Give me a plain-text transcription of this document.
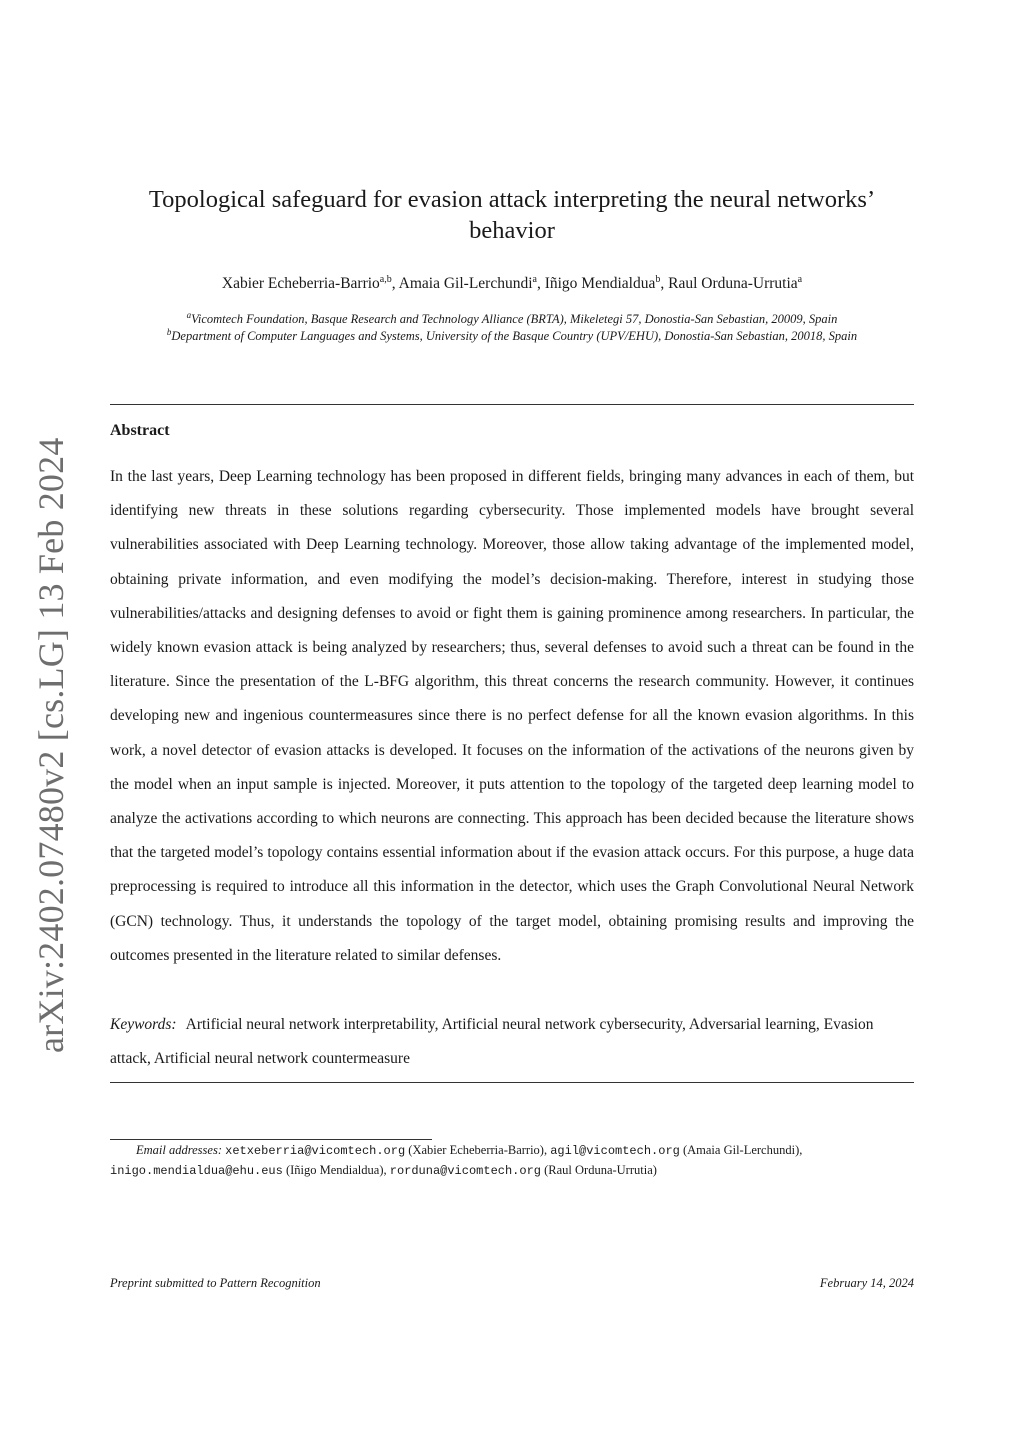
arXiv:2402.07480v2 [cs.LG] 13 Feb 2024
Topological safeguard for evasion attack interpreting the neural networks’ behavior
Xabier Echeberria-Barrio$^{a,b}$, Amaia Gil-Lerchundi$^a$, Iñigo Mendialdua$^b$, Raul Orduna-Urrutia$^a$
$^a$Vicomtech Foundation, Basque Research and Technology Alliance (BRTA), Mikeletegi 57, Donostia-San Sebastian, 20009, Spain
$^b$Department of Computer Languages and Systems, University of the Basque Country (UPV/EHU), Donostia-San Sebastian, 20018, Spain
Abstract

In the last years, Deep Learning technology has been proposed in different fields, bringing many advances in each of them, but identifying new threats in these solutions regarding cybersecurity. Those implemented models have brought several vulnerabilities associated with Deep Learning technology. Moreover, those allow taking advantage of the implemented model, obtaining private information, and even modifying the model’s decision-making. Therefore, interest in studying those vulnerabilities/attacks and designing defenses to avoid or fight them is gaining prominence among researchers. In particular, the widely known evasion attack is being analyzed by researchers; thus, several defenses to avoid such a threat can be found in the literature. Since the presentation of the L-BFG algorithm, this threat concerns the research community. However, it continues developing new and ingenious countermeasures since there is no perfect defense for all the known evasion algorithms. In this work, a novel detector of evasion attacks is developed. It focuses on the information of the activations of the neurons given by the model when an input sample is injected. Moreover, it puts attention to the topology of the targeted deep learning model to analyze the activations according to which neurons are connecting. This approach has been decided because the literature shows that the targeted model’s topology contains essential information about if the evasion attack occurs. For this purpose, a huge data preprocessing is required to introduce all this information in the detector, which uses the Graph Convolutional Neural Network (GCN) technology. Thus, it understands the topology of the target model, obtaining promising results and improving the outcomes presented in the literature related to similar defenses.

Keywords: Artificial neural network interpretability, Artificial neural network cybersecurity, Adversarial learning, Evasion attack, Artificial neural network countermeasure
Email addresses: xetxeberria@vicomtech.org (Xabier Echeberria-Barrio), agil@vicomtech.org (Amaia Gil-Lerchundi),
inigo.mendialdua@ehu.eus (Iñigo Mendialdua), rorduna@vicomtech.org (Raul Orduna-Urrutia)
Preprint submitted to Pattern Recognition	February 14, 2024
